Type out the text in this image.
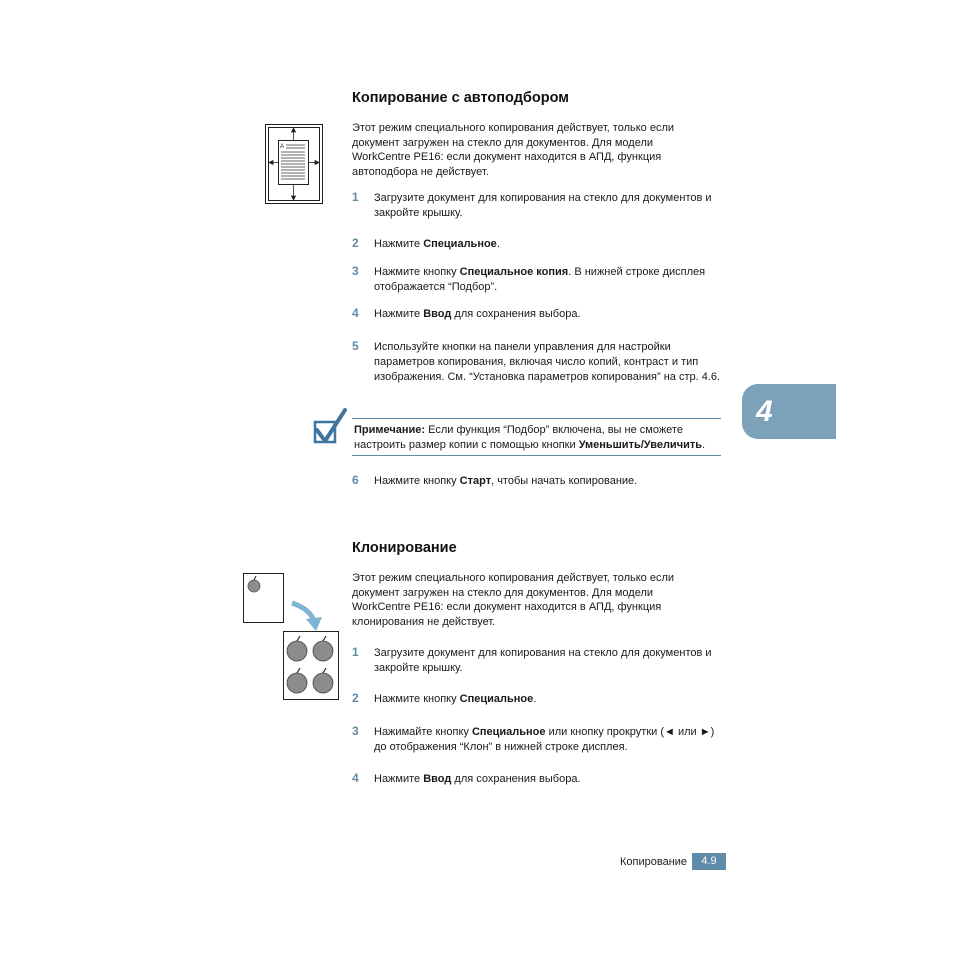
Копирование с автоподбором
A
Этот режим специального копирования действует, только если документ загружен на стекло для документов. Для модели WorkCentre PE16: если документ находится в АПД, функция автоподбора не действует.
1 Загрузите документ для копирования на стекло для документов и закройте крышку.
2 Нажмите Специальное.
3 Нажмите кнопку Специальное копия. В нижней строке дисплея отображается “Подбор”.
4 Нажмите Ввод для сохранения выбора.
5 Используйте кнопки на панели управления для настройки параметров копирования, включая число копий, контраст и тип изображения. См. “Установка параметров копирования” на стр. 4.6.
Примечание: Если функция “Подбор” включена, вы не сможете настроить размер копии с помощью кнопки Уменьшить/Увеличить.
6 Нажмите кнопку Старт, чтобы начать копирование.
4
Клонирование
Этот режим специального копирования действует, только если документ загружен на стекло для документов. Для модели WorkCentre PE16: если документ находится в АПД, функция клонирования не действует.
1 Загрузите документ для копирования на стекло для документов и закройте крышку.
2 Нажмите кнопку Специальное.
3 Нажимайте кнопку Специальное или кнопку прокрутки (◄ или ►) до отображения “Клон” в нижней строке дисплея.
4 Нажмите Ввод для сохранения выбора.
Копирование	4.9
